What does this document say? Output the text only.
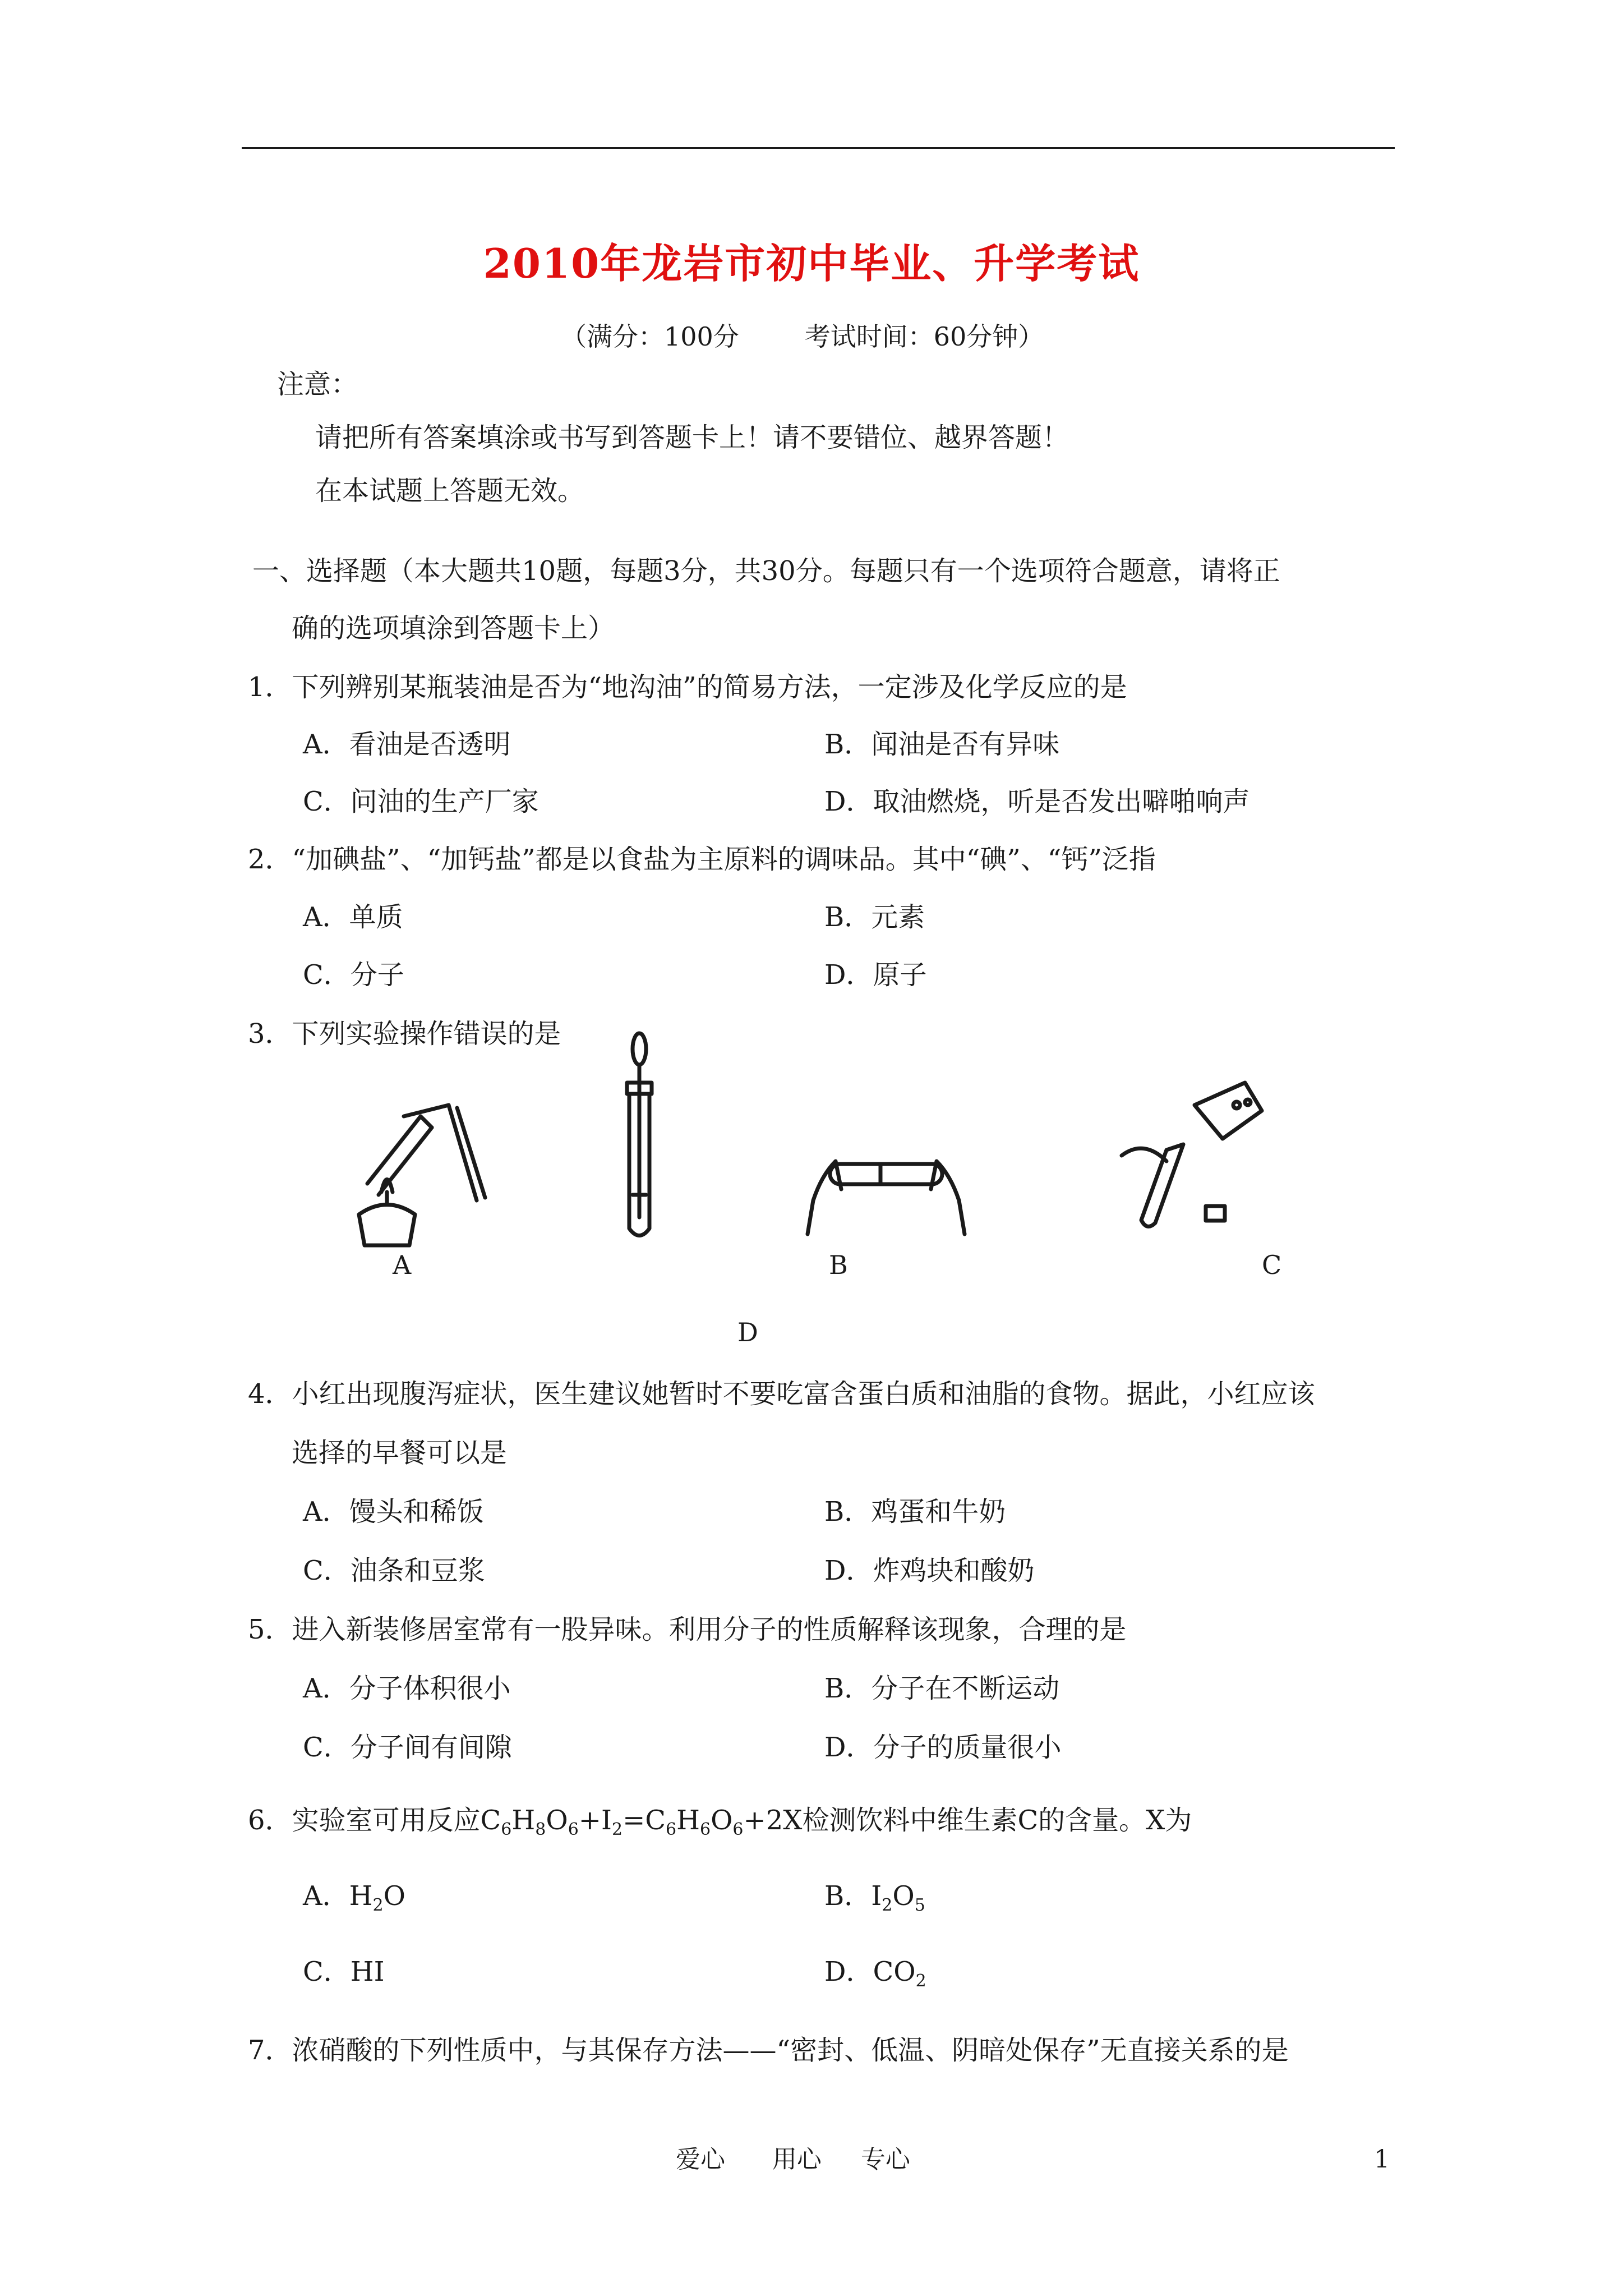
2010年龙岩市初中毕业、升学考试
（满分：100分        考试时间：60分钟）
注意：
请把所有答案填涂或书写到答题卡上！请不要错位、越界答题！
在本试题上答题无效。
一、选择题（本大题共10题，每题3分，共30分。每题只有一个选项符合题意，请将正
确的选项填涂到答题卡上）
1．下列辨别某瓶装油是否为“地沟油”的简易方法，一定涉及化学反应的是
A．看油是否透明	B．闻油是否有异味
C．问油的生产厂家	D．取油燃烧，听是否发出噼啪响声
2．“加碘盐”、“加钙盐”都是以食盐为主原料的调味品。其中“碘”、“钙”泛指
A．单质	B．元素
C．分子	D．原子
3．下列实验操作错误的是
A	B	C
D
4．小红出现腹泻症状，医生建议她暂时不要吃富含蛋白质和油脂的食物。据此，小红应该
选择的早餐可以是
A．馒头和稀饭	B．鸡蛋和牛奶
C．油条和豆浆	D．炸鸡块和酸奶
5．进入新装修居室常有一股异味。利用分子的性质解释该现象，合理的是
A．分子体积很小	B．分子在不断运动
C．分子间有间隙	D．分子的质量很小
6．实验室可用反应$C_6H_8O_6+I_2=C_6H_6O_6+2X$检测饮料中维生素C的含量。X为
A．$H_2O$	B．$I_2O_5$
C．HI	D．$CO_2$
7．浓硝酸的下列性质中，与其保存方法——“密封、低温、阴暗处保存”无直接关系的是
爱心      用心     专心	1
